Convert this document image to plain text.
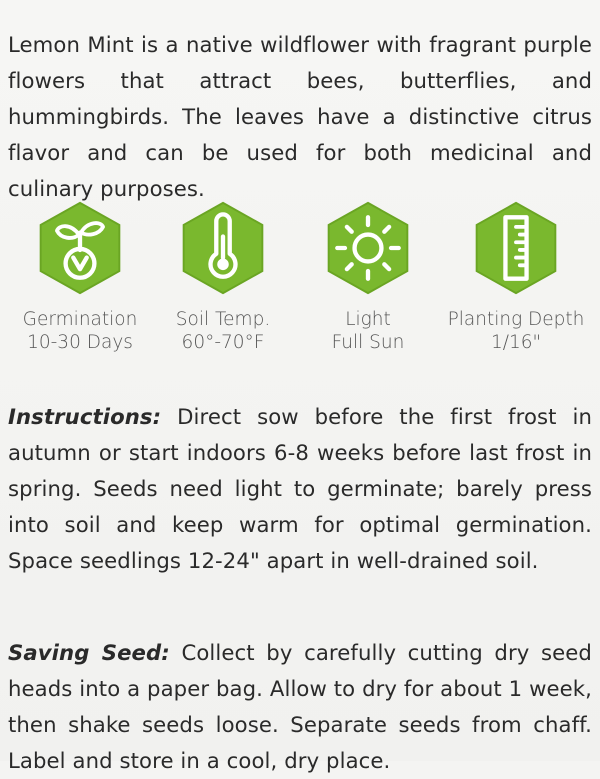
Lemon Mint is a native wildflower with fragrant purple flowers that attract bees, butterflies, and hummingbirds. The leaves have a distinctive citrus flavor and can be used for both medicinal and culinary purposes.

Germination
10-30 Days
Soil Temp.
60°-70°F
Light
Full Sun
Planting Depth
1/16"

Instructions: Direct sow before the first frost in autumn or start indoors 6-8 weeks before last frost in spring. Seeds need light to germinate; barely press into soil and keep warm for optimal germination. Space seedlings 12-24" apart in well-drained soil.

Saving Seed: Collect by carefully cutting dry seed heads into a paper bag. Allow to dry for about 1 week, then shake seeds loose. Separate seeds from chaff. Label and store in a cool, dry place.
